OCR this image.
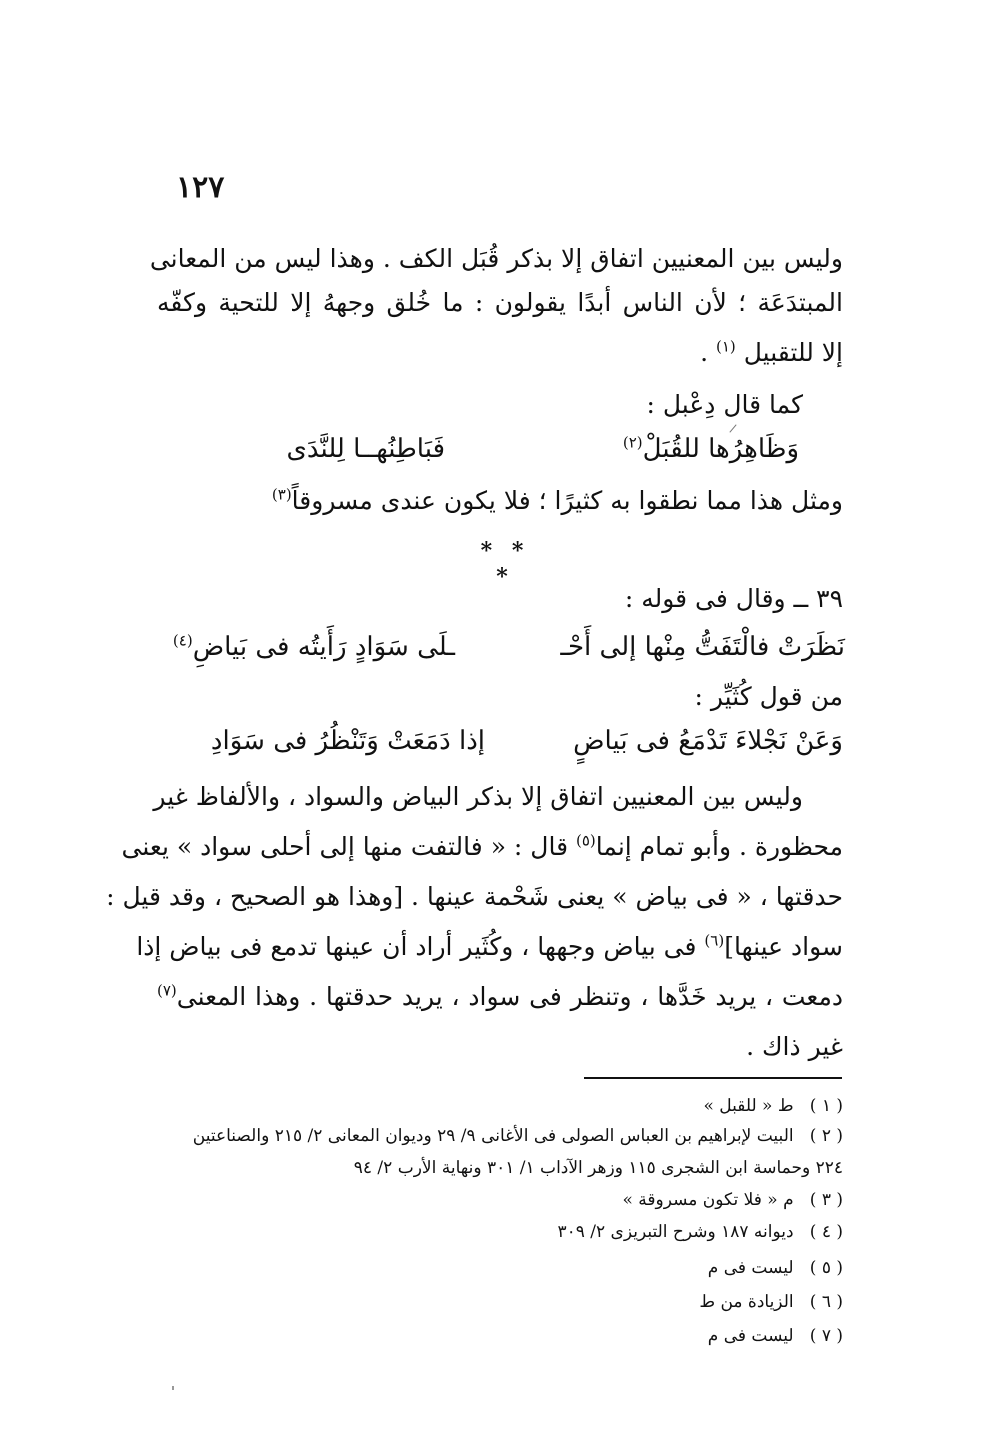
١٢٧
وليس بين المعنيين اتفاق إلا بذكر قُبَل الكف . وهذا ليس من المعانى
المبتدَعَة ؛ لأن الناس أبدًا يقولون : ما خُلق وجههُ إلا للتحية وكفّه
إلا للتقبيل $^{(١)}$ .
كما قال دِعْبل :
فَبَاطِنُهــا لِلنَّدَى	وَظَاهِرُها للقُبَلْ$^{(٢)}$
ومثل هذا مما نطقوا به كثيرًا ؛ فلا يكون عندى مسروقاً$^{(٣)}$
* * *
٣٩ ــ وقال فى قوله :
نَظَرَتْ فالْتَفَتُّ مِنْها إلى أَحْـ
ـلَى سَوَادٍ رَأَيتُه فى بَياضِ$^{(٤)}$
من قول كُثَيِّر :
وَعَنْ نَجْلاءَ تَدْمَعُ فى بَياضٍ
إذا دَمَعَتْ وَتَنْظُرُ فى سَوَادِ
وليس بين المعنيين اتفاق إلا بذكر البياض والسواد ، والألفاظ غير
محظورة . وأبو تمام إنما$^{(٥)}$ قال : « فالتفت منها إلى أحلى سواد » يعنى
حدقتها ، « فى بياض » يعنى شَحْمة عينها . [وهذا هو الصحيح ، وقد قيل :
سواد عينها]$^{(٦)}$ فى بياض وجهها ، وكُثَير أراد أن عينها تدمع فى بياض إذا
دمعت ، يريد خَدَّها ، وتنظر فى سواد ، يريد حدقتها . وهذا المعنى$^{(٧)}$
غير ذاك .
( ١ ) ط « للقبل »
( ٢ ) البيت لإبراهيم بن العباس الصولى فى الأغانى ٩/ ٢٩ وديوان المعانى ٢/ ٢١٥ والصناعتين
٢٢٤ وحماسة ابن الشجرى ١١٥ وزهر الآداب ١/ ٣٠١ ونهاية الأرب ٢/ ٩٤
( ٣ ) م « فلا تكون مسروقة »
( ٤ ) ديوانه ١٨٧ وشرح التبريزى ٢/ ٣٠٩
( ٥ ) ليست فى م
( ٦ ) الزيادة من ط
( ٧ ) ليست فى م
